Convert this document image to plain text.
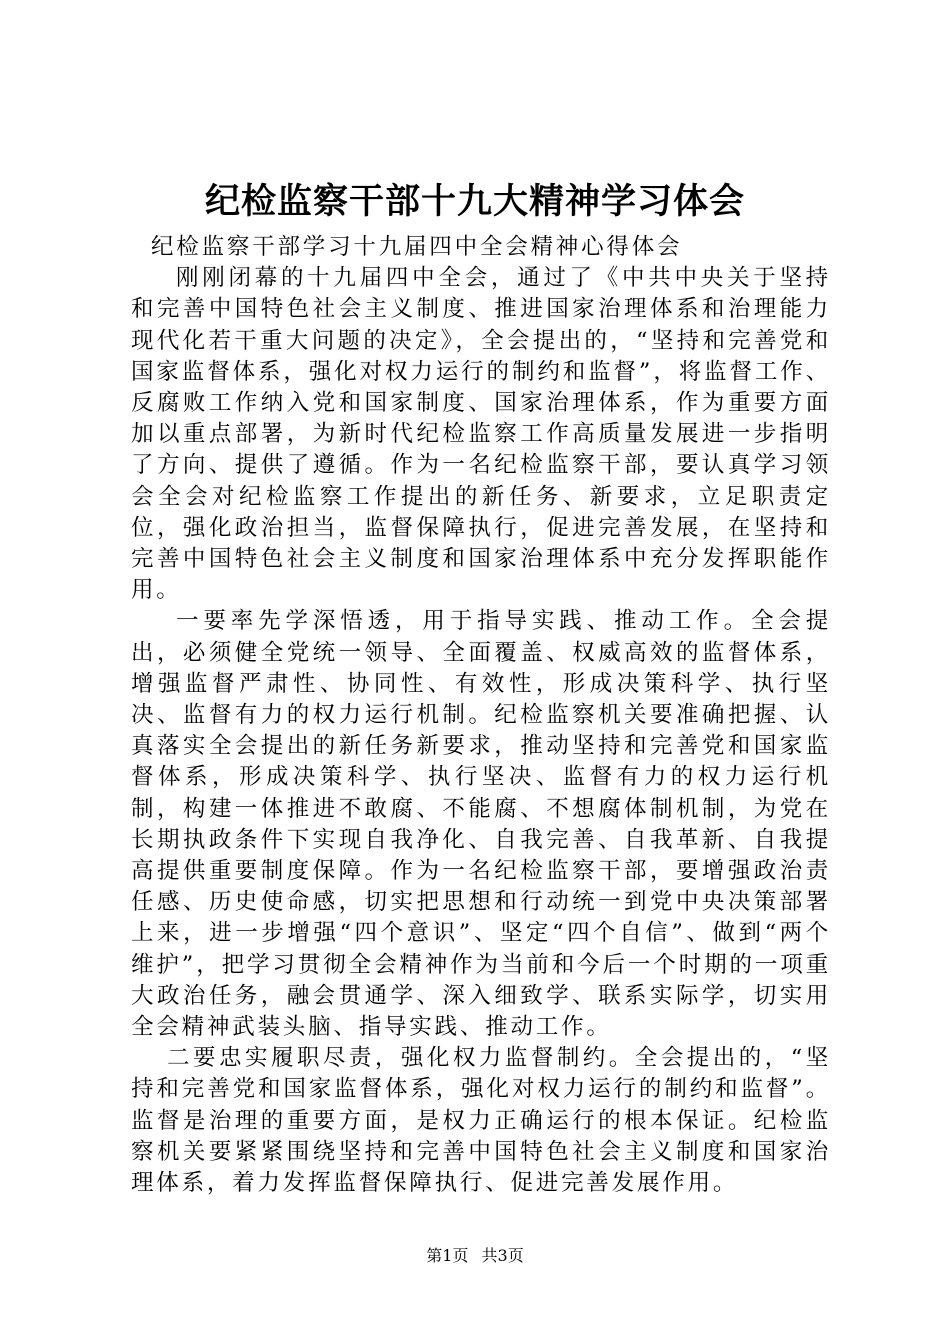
纪检监察干部十九大精神学习体会

纪检监察干部学习十九届四中全会精神心得体会

刚刚闭幕的十九届四中全会，通过了《中共中央关于坚持和完善中国特色社会主义制度、推进国家治理体系和治理能力现代化若干重大问题的决定》，全会提出的，“坚持和完善党和国家监督体系，强化对权力运行的制约和监督”，将监督工作、反腐败工作纳入党和国家制度、国家治理体系，作为重要方面加以重点部署，为新时代纪检监察工作高质量发展进一步指明了方向、提供了遵循。作为一名纪检监察干部，要认真学习领会全会对纪检监察工作提出的新任务、新要求，立足职责定位，强化政治担当，监督保障执行，促进完善发展，在坚持和完善中国特色社会主义制度和国家治理体系中充分发挥职能作用。

一要率先学深悟透，用于指导实践、推动工作。全会提出，必须健全党统一领导、全面覆盖、权威高效的监督体系，增强监督严肃性、协同性、有效性，形成决策科学、执行坚决、监督有力的权力运行机制。纪检监察机关要准确把握、认真落实全会提出的新任务新要求，推动坚持和完善党和国家监督体系，形成决策科学、执行坚决、监督有力的权力运行机制，构建一体推进不敢腐、不能腐、不想腐体制机制，为党在长期执政条件下实现自我净化、自我完善、自我革新、自我提高提供重要制度保障。作为一名纪检监察干部，要增强政治责任感、历史使命感，切实把思想和行动统一到党中央决策部署上来，进一步增强“四个意识”、坚定“四个自信”、做到“两个维护”，把学习贯彻全会精神作为当前和今后一个时期的一项重大政治任务，融会贯通学、深入细致学、联系实际学，切实用全会精神武装头脑、指导实践、推动工作。

二要忠实履职尽责，强化权力监督制约。全会提出的，“坚持和完善党和国家监督体系，强化对权力运行的制约和监督”。监督是治理的重要方面，是权力正确运行的根本保证。纪检监察机关要紧紧围绕坚持和完善中国特色社会主义制度和国家治理体系，着力发挥监督保障执行、促进完善发展作用。

第1页 共3页
